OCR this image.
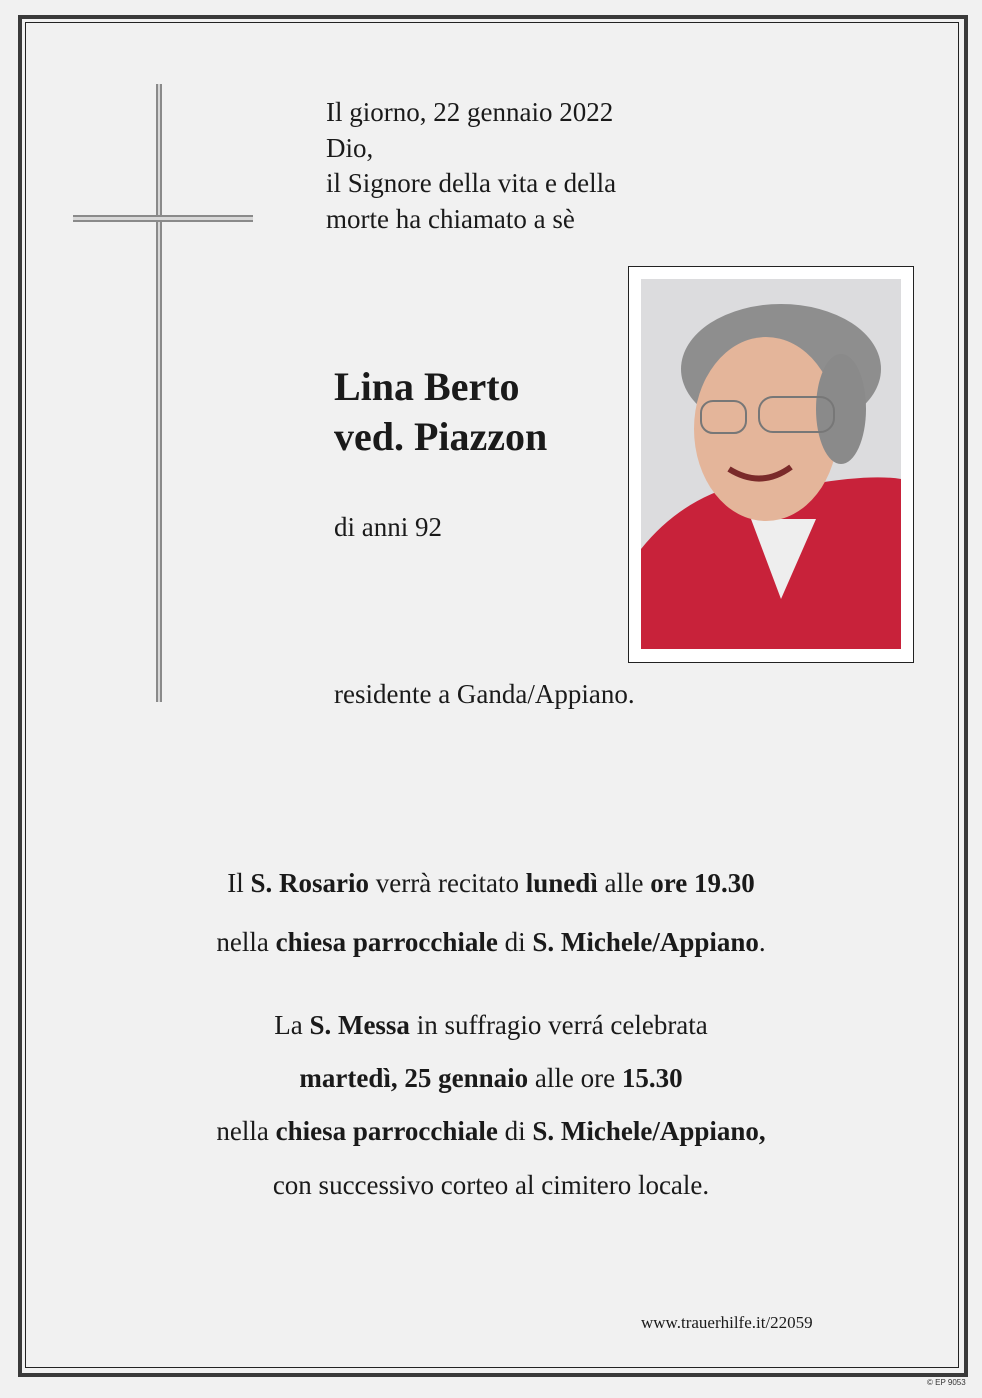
Il giorno, 22 gennaio 2022
Dio,
il Signore della vita e della
morte ha chiamato a sè
Lina Berto
ved. Piazzon
di anni 92
residente a Ganda/Appiano.
Il S. Rosario verrà recitato lunedì alle ore 19.30
nella chiesa parrocchiale di S. Michele/Appiano.
La S. Messa in suffragio verrá celebrata
martedì, 25 gennaio alle ore 15.30
nella chiesa parrocchiale di S. Michele/Appiano,
con successivo corteo al cimitero locale.
www.trauerhilfe.it/22059
© EP 9053
